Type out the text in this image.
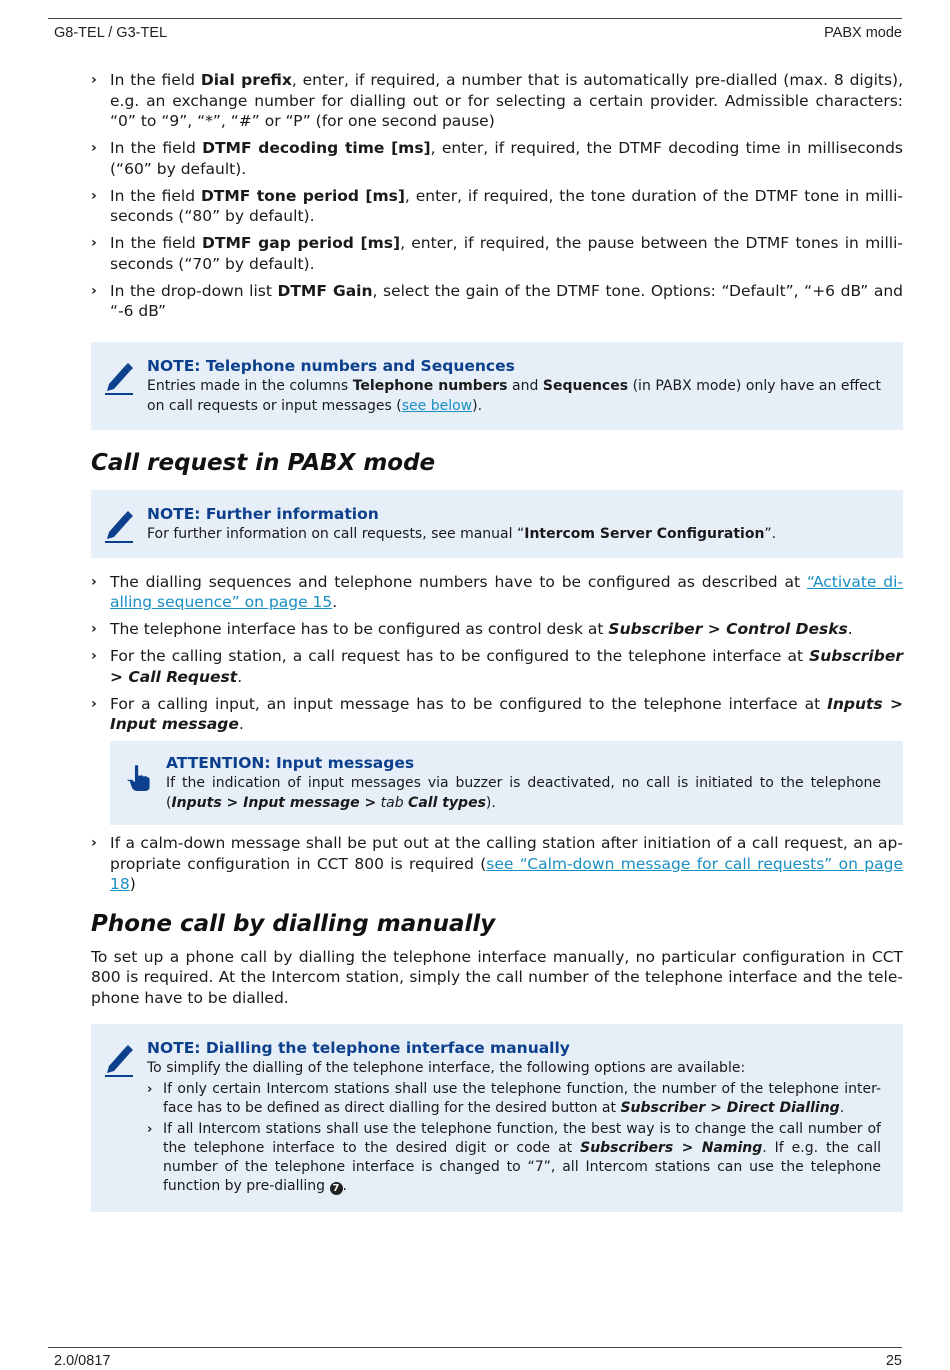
G8-TEL / G3-TEL	PABX mode
› In the field Dial prefix, enter, if required, a number that is automatically pre-dialled (max. 8 digits), e.g. an exchange number for dialling out or for selecting a certain provider. Admissible characters: “0” to “9”, “*”, “#” or “P” (for one second pause)
› In the field DTMF decoding time [ms], enter, if required, the DTMF decoding time in milliseconds (“60” by default).
› In the field DTMF tone period [ms], enter, if required, the tone duration of the DTMF tone in milli-seconds (“80” by default).
› In the field DTMF gap period [ms], enter, if required, the pause between the DTMF tones in milli-seconds (“70” by default).
› In the drop-down list DTMF Gain, select the gain of the DTMF tone. Options: “Default”, “+6 dB” and “-6 dB”
NOTE: Telephone numbers and Sequences
Entries made in the columns Telephone numbers and Sequences (in PABX mode) only have an effect on call requests or input messages (see below).
Call request in PABX mode
NOTE: Further information
For further information on call requests, see manual “Intercom Server Configuration”.
› The dialling sequences and telephone numbers have to be configured as described at “Activate di-alling sequence” on page 15.
› The telephone interface has to be configured as control desk at Subscriber > Control Desks.
› For the calling station, a call request has to be configured to the telephone interface at Subscriber > Call Request.
› For a calling input, an input message has to be configured to the telephone interface at Inputs > Input message.
ATTENTION: Input messages
If the indication of input messages via buzzer is deactivated, no call is initiated to the telephone (Inputs > Input message > tab Call types).
› If a calm-down message shall be put out at the calling station after initiation of a call request, an ap-propriate configuration in CCT 800 is required (see “Calm-down message for call requests” on page 18)
Phone call by dialling manually
To set up a phone call by dialling the telephone interface manually, no particular configuration in CCT 800 is required. At the Intercom station, simply the call number of the telephone interface and the tele-phone have to be dialled.
NOTE: Dialling the telephone interface manually
To simplify the dialling of the telephone interface, the following options are available:
› If only certain Intercom stations shall use the telephone function, the number of the telephone inter-face has to be defined as direct dialling for the desired button at Subscriber > Direct Dialling.
› If all Intercom stations shall use the telephone function, the best way is to change the call number of the telephone interface to the desired digit or code at Subscribers > Naming. If e.g. the call number of the telephone interface is changed to “7”, all Intercom stations can use the telephone function by pre-dialling 7 .
2.0/0817	25
